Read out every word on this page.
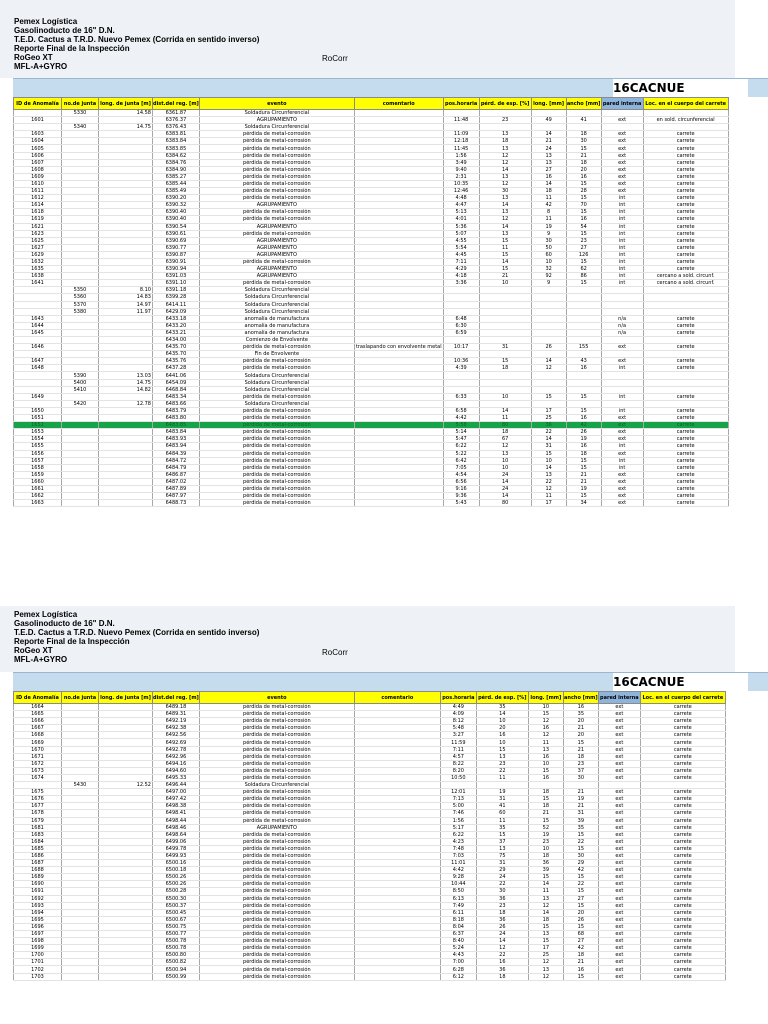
Pemex Logística
Gasolinoducto de 16" D.N.
T.E.D. Cactus a T.R.D. Nuevo Pemex (Corrida en sentido inverso)
Reporte Final de la Inspección
RoGeo XT
MFL-A+GYRO
RoCorr
16CACNUE
ID de Anomalía	no.de junta	long. de junta [m]	dist.del reg. [m]	evento	comentario	pos.horaria	pérd. de esp. [%]	long. [mm]	ancho [mm]	pared interna	Loc. en el cuerpo del carrete
	5330	14.58	6361.87	Soldadura Circunferencial							
1601			6376.37	AGRUPAMIENTO		11:48	23	49	41	ext	en sold. circunferencial
	5340	14.75	6376.43	Soldadura Circunferencial							
1603			6383.81	pérdida de metal-corrosión		11:09	13	14	18	ext	carrete
1604			6383.84	pérdida de metal-corrosión		12:18	18	21	30	ext	carrete
1605			6383.85	pérdida de metal-corrosión		11:45	13	24	15	ext	carrete
1606			6384.62	pérdida de metal-corrosión		1:56	12	13	21	ext	carrete
1607			6384.76	pérdida de metal-corrosión		3:49	12	13	18	ext	carrete
1608			6384.90	pérdida de metal-corrosión		9:40	14	27	20	ext	carrete
1609			6385.27	pérdida de metal-corrosión		2:31	13	16	16	ext	carrete
1610			6385.44	pérdida de metal-corrosión		10:35	12	14	15	ext	carrete
1611			6385.49	pérdida de metal-corrosión		12:46	30	18	28	ext	carrete
1612			6390.20	pérdida de metal-corrosión		4:48	13	11	15	int	carrete
1614			6390.32	AGRUPAMIENTO		4:47	14	42	70	int	carrete
1618			6390.40	pérdida de metal-corrosión		5:13	13	8	15	int	carrete
1619			6390.40	pérdida de metal-corrosión		4:01	12	11	16	int	carrete
1621			6390.54	AGRUPAMIENTO		5:36	14	19	54	int	carrete
1623			6390.61	pérdida de metal-corrosión		5:07	13	9	15	int	carrete
1625			6390.69	AGRUPAMIENTO		4:55	15	30	23	int	carrete
1627			6390.77	AGRUPAMIENTO		5:54	11	50	27	int	carrete
1629			6390.87	AGRUPAMIENTO		4:45	15	60	126	int	carrete
1632			6390.91	pérdida de metal-corrosión		7:11	14	10	15	int	carrete
1635			6390.94	AGRUPAMIENTO		4:29	15	32	62	int	carrete
1638			6391.03	AGRUPAMIENTO		4:18	21	92	86	int	cercano a sold. circunf.
1641			6391.10	pérdida de metal-corrosión		3:36	10	9	15	int	cercano a sold. circunf.
	5350	8.10	6391.18	Soldadura Circunferencial							
	5360	14.83	6399.28	Soldadura Circunferencial							
	5370	14.97	6414.11	Soldadura Circunferencial							
	5380	11.97	6429.09	Soldadura Circunferencial							
1643			6433.18	anomalía de manufactura		6:48				n/a	carrete
1644			6433.20	anomalía de manufactura		6:30				n/a	carrete
1645			6433.21	anomalía de manufactura		6:59				n/a	carrete
			6434.00	Comienzo de Envolvente							
1646			6435.70	pérdida de metal-corrosión	traslapando con envolvente metal	10:17	31	26	155	ext	carrete
			6435.70	Fin de Envolvente							
1647			6435.76	pérdida de metal-corrosión		10:36	15	14	43	ext	carrete
1648			6437.28	pérdida de metal-corrosión		4:39	18	12	16	int	carrete
	5390	13.03	6441.06	Soldadura Circunferencial							
	5400	14.75	6454.09	Soldadura Circunferencial							
	5410	14.82	6468.84	Soldadura Circunferencial							
1649			6483.34	pérdida de metal-corrosión		6:33	10	15	15	int	carrete
	5420	12.78	6483.66	Soldadura Circunferencial							
1650			6483.79	pérdida de metal-corrosión		6:58	14	17	15	int	carrete
1651			6483.80	pérdida de metal-corrosión		4:42	11	25	16	ext	carrete
1652			6483.85	pérdida de metal-corrosión		5:58	80	36	42	ext	carrete
1653			6483.84	pérdida de metal-corrosión		5:14	18	22	26	ext	carrete
1654			6483.93	pérdida de metal-corrosión		5:47	67	14	19	ext	carrete
1655			6483.94	pérdida de metal-corrosión		6:22	12	31	16	int	carrete
1656			6484.39	pérdida de metal-corrosión		5:22	13	15	18	ext	carrete
1657			6484.72	pérdida de metal-corrosión		6:42	10	10	15	int	carrete
1658			6484.79	pérdida de metal-corrosión		7:05	10	14	15	int	carrete
1659			6486.87	pérdida de metal-corrosión		4:54	24	13	21	ext	carrete
1660			6487.02	pérdida de metal-corrosión		6:56	14	22	21	ext	carrete
1661			6487.89	pérdida de metal-corrosión		9:16	24	12	19	ext	carrete
1662			6487.97	pérdida de metal-corrosión		9:36	14	11	15	ext	carrete
1663			6488.73	pérdida de metal-corrosión		5:43	80	17	34	ext	carrete
Pemex Logística
Gasolinoducto de 16" D.N.
T.E.D. Cactus a T.R.D. Nuevo Pemex (Corrida en sentido inverso)
Reporte Final de la Inspección
RoGeo XT
MFL-A+GYRO
RoCorr
16CACNUE
ID de Anomalía	no.de junta	long. de junta [m]	dist.del reg. [m]	evento	comentario	pos.horaria	pérd. de esp. [%]	long. [mm]	ancho [mm]	pared interna	Loc. en el cuerpo del carrete
1664			6489.18	pérdida de metal-corrosión		4:49	35	10	16	ext	carrete
1665			6489.31	pérdida de metal-corrosión		4:09	14	15	35	ext	carrete
1666			6492.19	pérdida de metal-corrosión		8:12	10	12	20	ext	carrete
1667			6492.38	pérdida de metal-corrosión		5:48	20	16	21	ext	carrete
1668			6492.56	pérdida de metal-corrosión		3:27	16	12	20	ext	carrete
1669			6492.69	pérdida de metal-corrosión		11:59	10	11	15	ext	carrete
1670			6492.78	pérdida de metal-corrosión		7:11	15	13	21	ext	carrete
1671			6492.96	pérdida de metal-corrosión		4:57	13	16	18	ext	carrete
1672			6494.16	pérdida de metal-corrosión		8:22	23	10	23	ext	carrete
1673			6494.60	pérdida de metal-corrosión		8:20	22	15	37	ext	carrete
1674			6495.33	pérdida de metal-corrosión		10:50	11	16	30	ext	carrete
	5430	12.52	6496.44	Soldadura Circunferencial							
1675			6497.00	pérdida de metal-corrosión		12:01	19	18	21	ext	carrete
1676			6497.42	pérdida de metal-corrosión		7:13	31	15	19	ext	carrete
1677			6498.38	pérdida de metal-corrosión		5:00	41	18	21	ext	carrete
1678			6498.41	pérdida de metal-corrosión		7:46	60	21	31	ext	carrete
1679			6498.44	pérdida de metal-corrosión		1:56	11	15	39	ext	carrete
1681			6498.46	AGRUPAMIENTO		5:17	35	52	35	ext	carrete
1683			6498.64	pérdida de metal-corrosión		6:22	15	19	15	ext	carrete
1684			6499.06	pérdida de metal-corrosión		4:23	37	23	22	ext	carrete
1685			6499.78	pérdida de metal-corrosión		7:48	13	10	15	ext	carrete
1686			6499.93	pérdida de metal-corrosión		7:03	75	18	30	ext	carrete
1687			6500.16	pérdida de metal-corrosión		11:01	31	36	29	ext	carrete
1688			6500.18	pérdida de metal-corrosión		4:42	29	39	42	ext	carrete
1689			6500.26	pérdida de metal-corrosión		9:28	24	15	15	ext	carrete
1690			6500.26	pérdida de metal-corrosión		10:44	22	14	22	ext	carrete
1691			6500.28	pérdida de metal-corrosión		8:50	30	11	15	ext	carrete
1692			6500.30	pérdida de metal-corrosión		6:13	36	13	27	ext	carrete
1693			6500.37	pérdida de metal-corrosión		7:49	23	12	15	ext	carrete
1694			6500.45	pérdida de metal-corrosión		6:11	18	14	20	ext	carrete
1695			6500.67	pérdida de metal-corrosión		8:18	36	18	26	ext	carrete
1696			6500.75	pérdida de metal-corrosión		8:04	26	15	15	ext	carrete
1697			6500.77	pérdida de metal-corrosión		6:37	24	13	68	ext	carrete
1698			6500.78	pérdida de metal-corrosión		8:40	14	15	27	ext	carrete
1699			6500.78	pérdida de metal-corrosión		5:24	12	17	42	ext	carrete
1700			6500.80	pérdida de metal-corrosión		4:43	22	25	18	ext	carrete
1701			6500.82	pérdida de metal-corrosión		7:00	16	12	21	ext	carrete
1702			6500.94	pérdida de metal-corrosión		6:28	36	13	16	ext	carrete
1703			6500.99	pérdida de metal-corrosión		6:12	18	12	15	ext	carrete
